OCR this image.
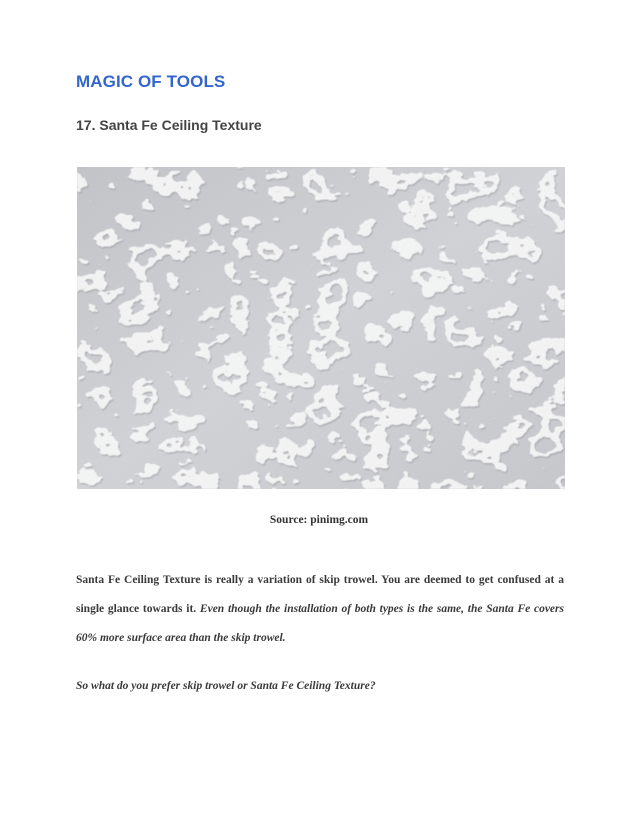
MAGIC OF TOOLS
17. Santa Fe Ceiling Texture
Source: pinimg.com

Santa Fe Ceiling Texture is really a variation of skip trowel. You are deemed to get confused at a single glance towards it. Even though the installation of both types is the same, the Santa Fe covers 60% more surface area than the skip trowel.

So what do you prefer skip trowel or Santa Fe Ceiling Texture?
